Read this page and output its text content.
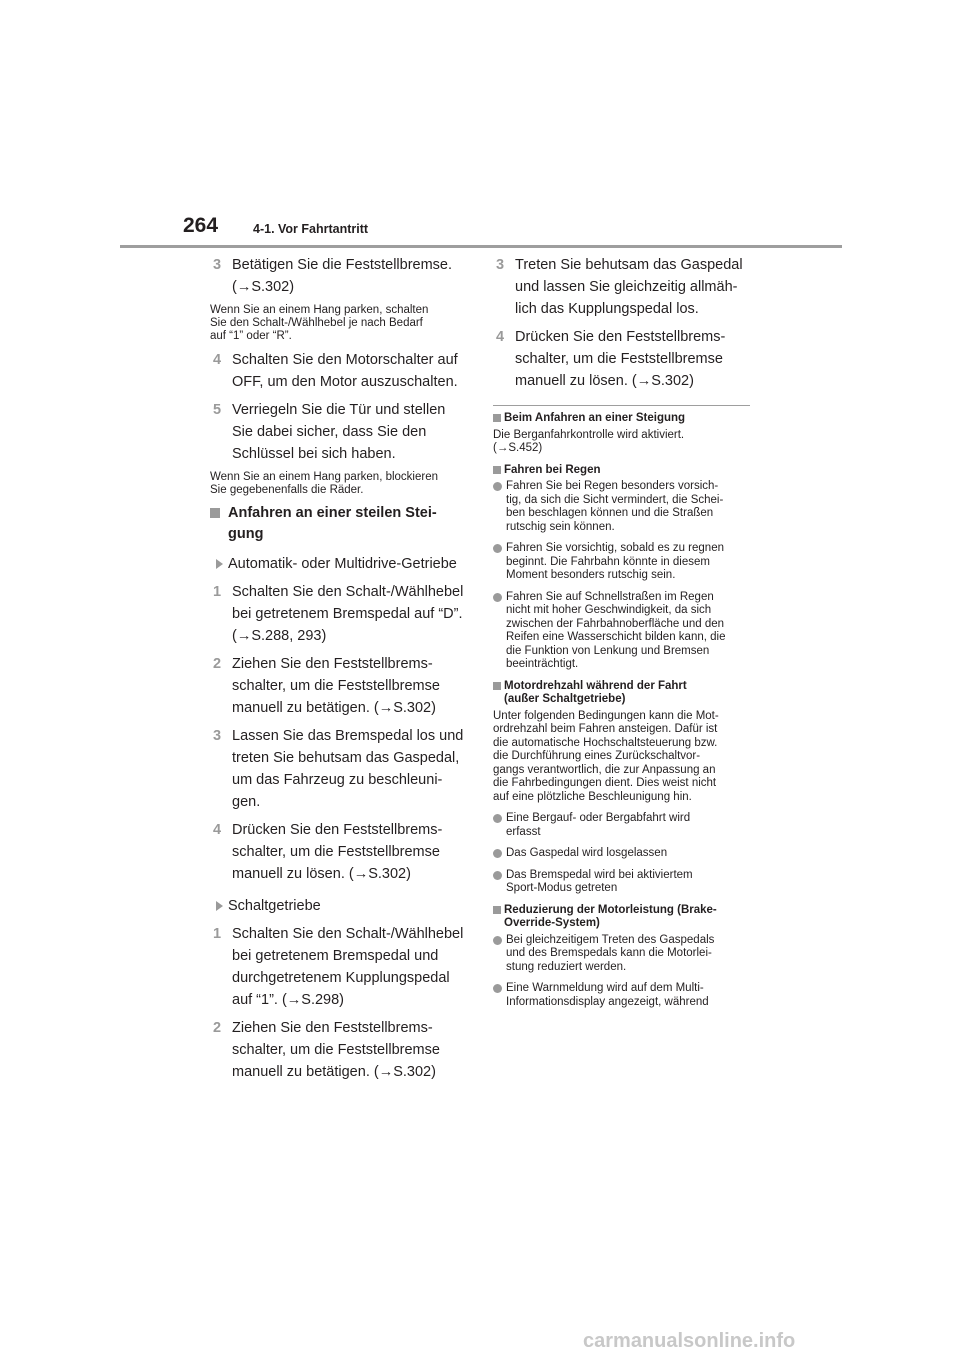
264	4-1. Vor Fahrtantritt
3 Betätigen Sie die Feststellbremse.
(→S.302)
Wenn Sie an einem Hang parken, schalten
Sie den Schalt-/Wählhebel je nach Bedarf
auf “1” oder “R”.
4 Schalten Sie den Motorschalter auf
OFF, um den Motor auszuschalten.
5 Verriegeln Sie die Tür und stellen
Sie dabei sicher, dass Sie den
Schlüssel bei sich haben.
Wenn Sie an einem Hang parken, blockieren
Sie gegebenenfalls die Räder.
Anfahren an einer steilen Stei-
gung
Automatik- oder Multidrive-Getriebe
1 Schalten Sie den Schalt-/Wählhebel
bei getretenem Bremspedal auf “D”.
(→S.288, 293)
2 Ziehen Sie den Feststellbrems-
schalter, um die Feststellbremse
manuell zu betätigen. (→S.302)
3 Lassen Sie das Bremspedal los und
treten Sie behutsam das Gaspedal,
um das Fahrzeug zu beschleuni-
gen.
4 Drücken Sie den Feststellbrems-
schalter, um die Feststellbremse
manuell zu lösen. (→S.302)
Schaltgetriebe
1 Schalten Sie den Schalt-/Wählhebel
bei getretenem Bremspedal und
durchgetretenem Kupplungspedal
auf “1”. (→S.298)
2 Ziehen Sie den Feststellbrems-
schalter, um die Feststellbremse
manuell zu betätigen. (→S.302)
3 Treten Sie behutsam das Gaspedal
und lassen Sie gleichzeitig allmäh-
lich das Kupplungspedal los.
4 Drücken Sie den Feststellbrems-
schalter, um die Feststellbremse
manuell zu lösen. (→S.302)
Beim Anfahren an einer Steigung
Die Berganfahrkontrolle wird aktiviert.
(→S.452)
Fahren bei Regen
Fahren Sie bei Regen besonders vorsich-
tig, da sich die Sicht vermindert, die Schei-
ben beschlagen können und die Straßen
rutschig sein können.
Fahren Sie vorsichtig, sobald es zu regnen
beginnt. Die Fahrbahn könnte in diesem
Moment besonders rutschig sein.
Fahren Sie auf Schnellstraßen im Regen
nicht mit hoher Geschwindigkeit, da sich
zwischen der Fahrbahnoberfläche und den
Reifen eine Wasserschicht bilden kann, die
die Funktion von Lenkung und Bremsen
beeinträchtigt.
Motordrehzahl während der Fahrt
(außer Schaltgetriebe)
Unter folgenden Bedingungen kann die Mot-
ordrehzahl beim Fahren ansteigen. Dafür ist
die automatische Hochschaltsteuerung bzw.
die Durchführung eines Zurückschaltvor-
gangs verantwortlich, die zur Anpassung an
die Fahrbedingungen dient. Dies weist nicht
auf eine plötzliche Beschleunigung hin.
Eine Bergauf- oder Bergabfahrt wird
erfasst
Das Gaspedal wird losgelassen
Das Bremspedal wird bei aktiviertem
Sport-Modus getreten
Reduzierung der Motorleistung (Brake-
Override-System)
Bei gleichzeitigem Treten des Gaspedals
und des Bremspedals kann die Motorlei-
stung reduziert werden.
Eine Warnmeldung wird auf dem Multi-
Informationsdisplay angezeigt, während
carmanualsonline.info
